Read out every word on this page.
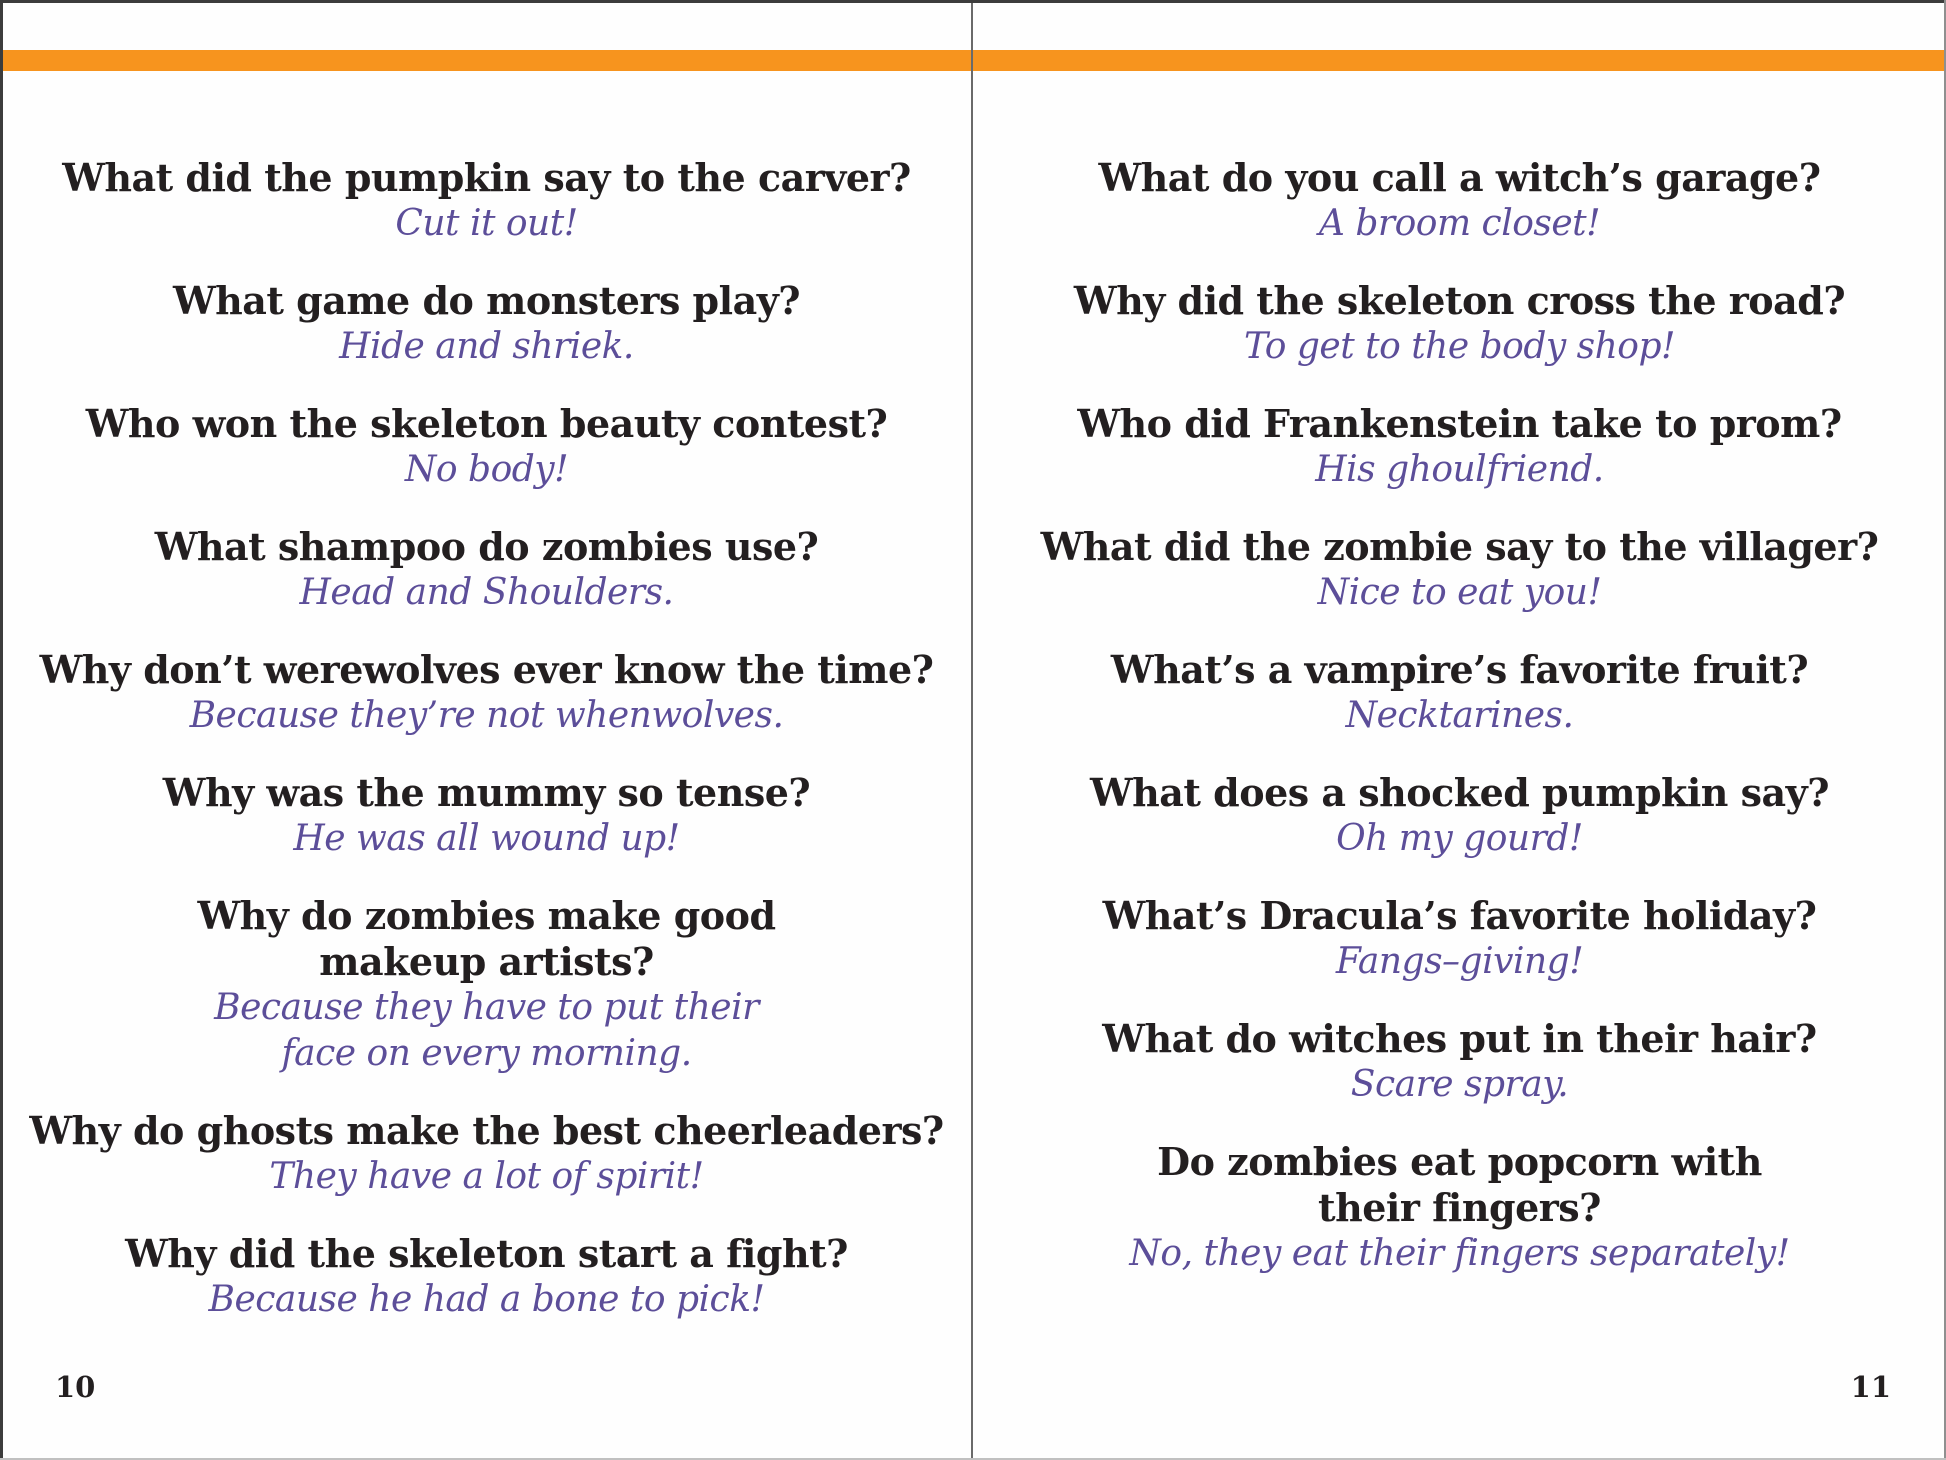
What did the pumpkin say to the carver?
Cut it out!
What game do monsters play?
Hide and shriek.
Who won the skeleton beauty contest?
No body!
What shampoo do zombies use?
Head and Shoulders.
Why don’t werewolves ever know the time?
Because they’re not whenwolves.
Why was the mummy so tense?
He was all wound up!
Why do zombies make good
makeup artists?
Because they have to put their
face on every morning.
Why do ghosts make the best cheerleaders?
They have a lot of spirit!
Why did the skeleton start a fight?
Because he had a bone to pick!
10
What do you call a witch’s garage?
A broom closet!
Why did the skeleton cross the road?
To get to the body shop!
Who did Frankenstein take to prom?
His ghoulfriend.
What did the zombie say to the villager?
Nice to eat you!
What’s a vampire’s favorite fruit?
Necktarines.
What does a shocked pumpkin say?
Oh my gourd!
What’s Dracula’s favorite holiday?
Fangs–giving!
What do witches put in their hair?
Scare spray.
Do zombies eat popcorn with
their fingers?
No, they eat their fingers separately!
11
